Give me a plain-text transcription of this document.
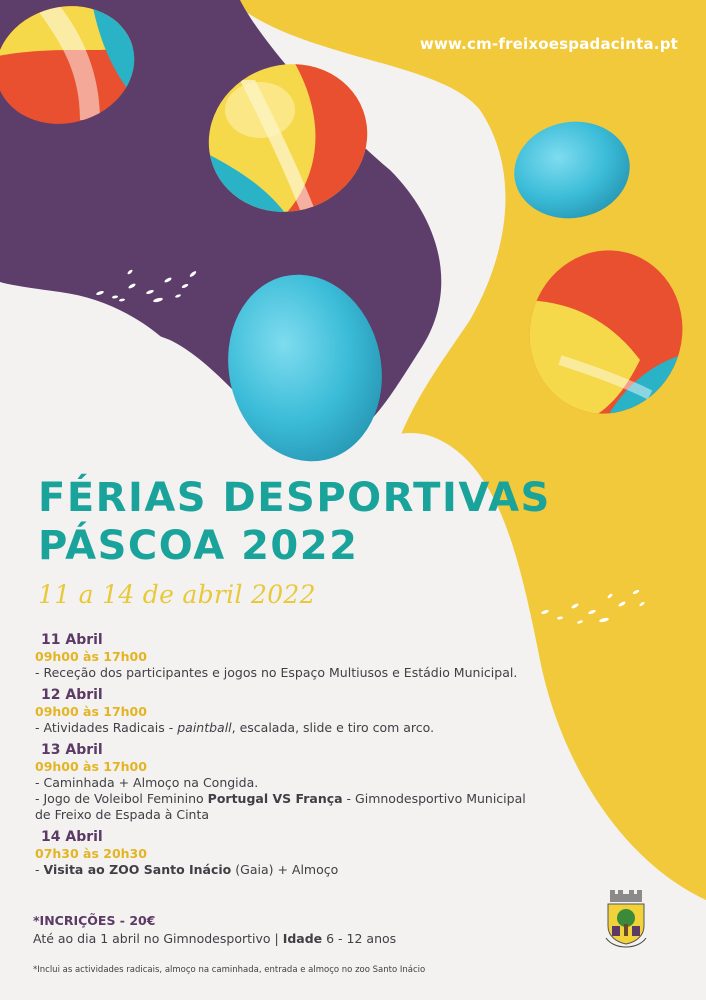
www.cm-freixoespadacinta.pt
FÉRIAS DESPORTIVAS
PÁSCOA 2022
11 a 14 de abril 2022
11 Abril
09h00 às 17h00
- Receção dos participantes e jogos no Espaço Multiusos e Estádio Municipal.
12 Abril
09h00 às 17h00
- Atividades Radicais - paintball, escalada, slide e tiro com arco.
13 Abril
09h00 às 17h00
- Caminhada + Almoço na Congida.
- Jogo de Voleibol Feminino Portugal VS França - Gimnodesportivo Municipal
de Freixo de Espada à Cinta
14 Abril
07h30 às 20h30
- Visita ao ZOO Santo Inácio (Gaia) + Almoço
*INCRIÇÕES - 20€
Até ao dia 1 abril no Gimnodesportivo | Idade 6 - 12 anos
*Inclui as actividades radicais, almoço na caminhada, entrada e almoço no zoo Santo Inácio
